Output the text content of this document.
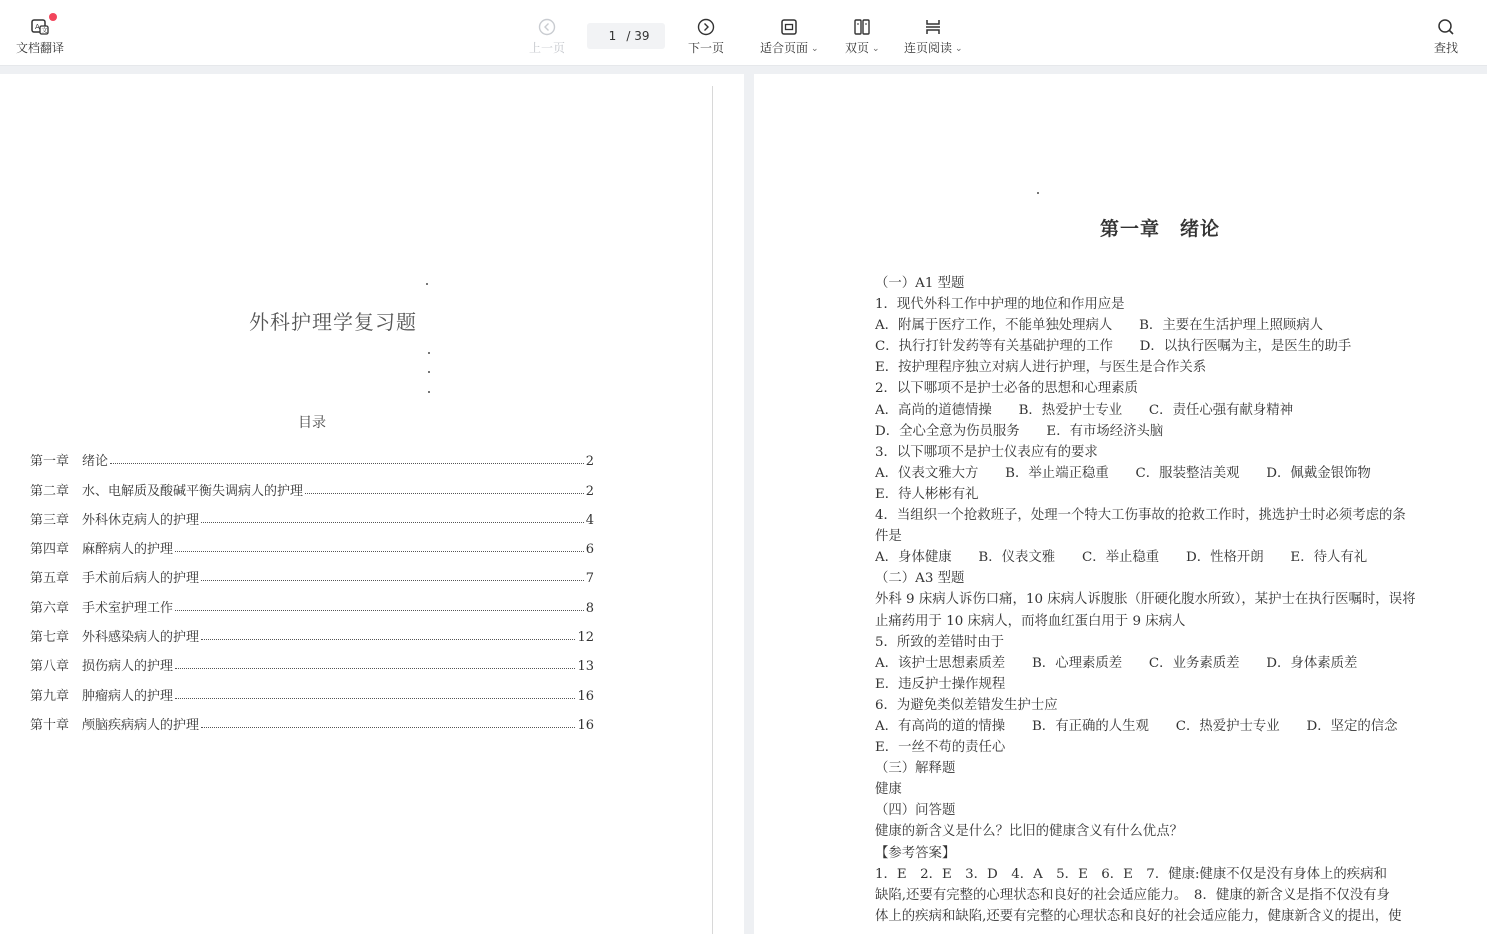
A 文
文档翻译	上一页
1
/ 39
下一页	适合页面 ⌄ 双页 ⌄ 连页阅读 ⌄	查找
外科护理学复习题
目录
第一章 绪论	2
第二章 水、电解质及酸碱平衡失调病人的护理	2
第三章 外科休克病人的护理	4
第四章 麻醉病人的护理	6
第五章 手术前后病人的护理	7
第六章 手术室护理工作	8
第七章 外科感染病人的护理	12
第八章 损伤病人的护理	13
第九章 肿瘤病人的护理	16
第十章 颅脑疾病病人的护理	16
第一章　绪论
（一）A1 型题
1．现代外科工作中护理的地位和作用应是
A．附属于医疗工作，不能单独处理病人　　B．主要在生活护理上照顾病人
C．执行打针发药等有关基础护理的工作　　D．以执行医嘱为主，是医生的助手
E．按护理程序独立对病人进行护理，与医生是合作关系
2．以下哪项不是护士必备的思想和心理素质
A．高尚的道德情操　　B．热爱护士专业　　C．责任心强有献身精神
D．全心全意为伤员服务　　E．有市场经济头脑
3．以下哪项不是护士仪表应有的要求
A．仪表文雅大方　　B．举止端正稳重　　C．服装整洁美观　　D．佩戴金银饰物
E．待人彬彬有礼
4．当组织一个抢救班子，处理一个特大工伤事故的抢救工作时，挑选护士时必须考虑的条
件是
A．身体健康　　B．仪表文雅　　C．举止稳重　　D．性格开朗　　E．待人有礼
（二）A3 型题
外科 9 床病人诉伤口痛，10 床病人诉腹胀（肝硬化腹水所致），某护士在执行医嘱时，误将
止痛药用于 10 床病人，而将血红蛋白用于 9 床病人
5．所致的差错时由于
A．该护士思想素质差　　B．心理素质差　　C．业务素质差　　D．身体素质差
E．违反护士操作规程
6．为避免类似差错发生护士应
A．有高尚的道的情操　　B．有正确的人生观　　C．热爱护士专业　　D．坚定的信念
E．一丝不苟的责任心
（三）解释题
健康
（四）问答题
健康的新含义是什么？比旧的健康含义有什么优点？
【参考答案】
1．E　2．E　3．D　4．A　5．E　6．E　7．健康:健康不仅是没有身体上的疾病和
缺陷,还要有完整的心理状态和良好的社会适应能力。　8．健康的新含义是指不仅没有身
体上的疾病和缺陷,还要有完整的心理状态和良好的社会适应能力，健康新含义的提出，使
